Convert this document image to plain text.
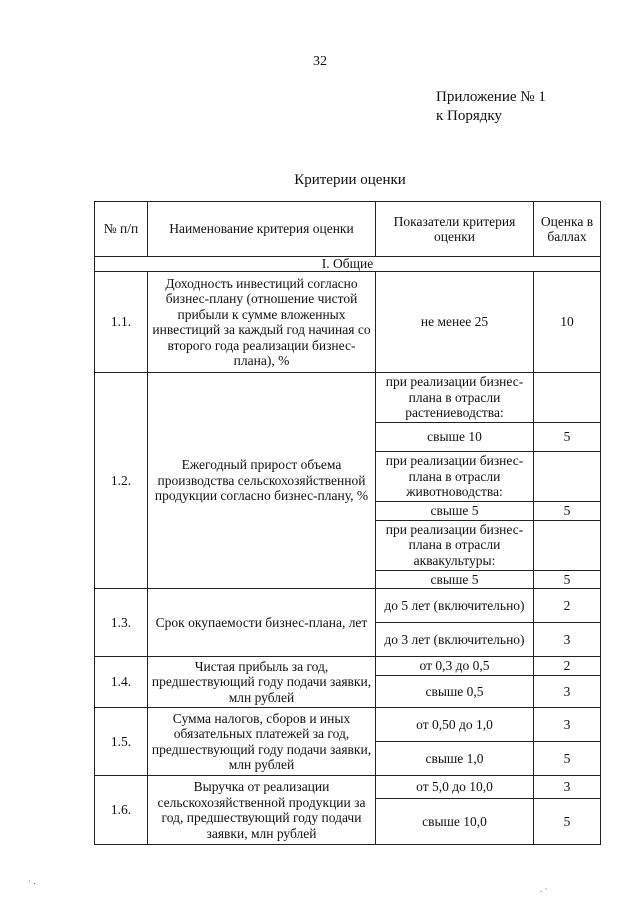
32
Приложение № 1
к Порядку
Критерии оценки
№ п/п	Наименование критерия оценки	Показатели критерия оценки	Оценка в баллах
I. Общие			
1.1.	Доходность инвестиций согласно бизнес-плану (отношение чистой прибыли к сумме вложенных инвестиций за каждый год начиная со второго года реализации бизнес-плана), %	не менее 25	10
1.2.	Ежегодный прирост объема производства сельскохозяйственной продукции согласно бизнес-плану, %	при реализации бизнес-плана в отрасли растениеводства:	
		свыше 10	5
		при реализации бизнес-плана в отрасли животноводства:	
		свыше 5	5
		при реализации бизнес-плана в отрасли аквакультуры:	
		свыше 5	5
1.3.	Срок окупаемости бизнес-плана, лет	до 5 лет (включительно)	2
		до 3 лет (включительно)	3
1.4.	Чистая прибыль за год, предшествующий году подачи заявки, млн рублей	от 0,3 до 0,5	2
		свыше 0,5	3
1.5.	Сумма налогов, сборов и иных обязательных платежей за год, предшествующий году подачи заявки, млн рублей	от 0,50 до 1,0	3
		свыше 1,0	5
1.6.	Выручка от реализации сельскохозяйственной продукции за год, предшествующий году подачи заявки, млн рублей	от 5,0 до 10,0	3
		свыше 10,0	5
· .
. ·
